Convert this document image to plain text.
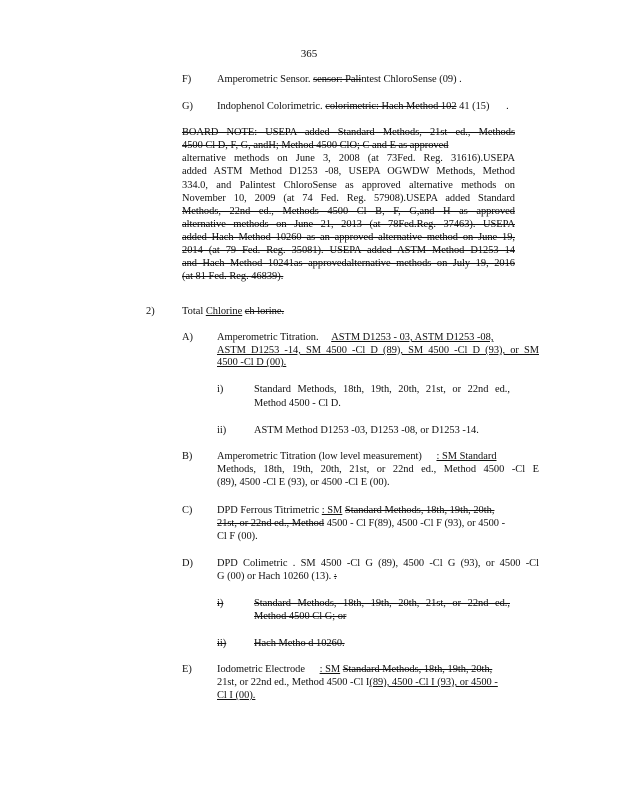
365
F) Amperometric Sensor. sensor: Palintest ChloroSense (09) .
G) Indophenol Colorimetric. colorimetric: Hach Method 102 41 (15) .
BOARD NOTE: USEPA added Standard Methods, 21st ed., Methods
4500 Cl D, F, G, andH; Method 4500 ClO; C and E as approved
alternative methods on June 3, 2008 (at 73Fed. Reg. 31616).USEPA
added ASTM Method D1253 -08, USEPA OGWDW Methods, Method
334.0, and Palintest ChloroSense as approved alternative methods on
November 10, 2009 (at 74 Fed. Reg. 57908).USEPA added Standard
Methods, 22nd ed., Methods 4500 Cl B, F, G,and H as approved
alternative methods on June 21, 2013 (at 78Fed.Reg. 37463). USEPA
added Hach Method 10260 as an approved alternative method on June 19,
2014 (at 79 Fed. Reg. 35081). USEPA added ASTM Method D1253 14
and Hach Method 10241as approvedalternative methods on July 19, 2016
(at 81 Fed. Reg. 46839).
2)	Total Chlorine ch lorine.
A) Amperometric Titration. ASTM D1253 - 03, ASTM D1253 -08,
ASTM D1253 -14, SM 4500 -Cl D (89), SM 4500 -Cl D (93), or SM
4500 -Cl D (00).
i)	Standard Methods, 18th, 19th, 20th, 21st, or 22nd ed.,
Method 4500 - Cl D.
ii)	ASTM Method D1253 -03, D1253 -08, or D1253 -14.
B) Amperometric Titration (low level measurement) : SM Standard
Methods, 18th, 19th, 20th, 21st, or 22nd ed., Method 4500 -Cl E
(89), 4500 -Cl E (93), or 4500 -Cl E (00).
C) DPD Ferrous Titrimetric : SM Standard Methods, 18th, 19th, 20th,
21st, or 22nd ed., Method 4500 - Cl F(89), 4500 -Cl F (93), or 4500 -
Cl F (00).
D) DPD Colimetric . SM 4500 -Cl G (89), 4500 -Cl G (93), or 4500 -Cl
G (00) or Hach 10260 (13). :
i)	Standard Methods, 18th, 19th, 20th, 21st, or 22nd ed.,
Method 4500 Cl G; or
ii)	Hach Metho d 10260.
E) Iodometric Electrode : SM Standard Methods, 18th, 19th, 20th,
21st, or 22nd ed., Method 4500 -Cl I(89), 4500 -Cl I (93), or 4500 -
Cl I (00).
